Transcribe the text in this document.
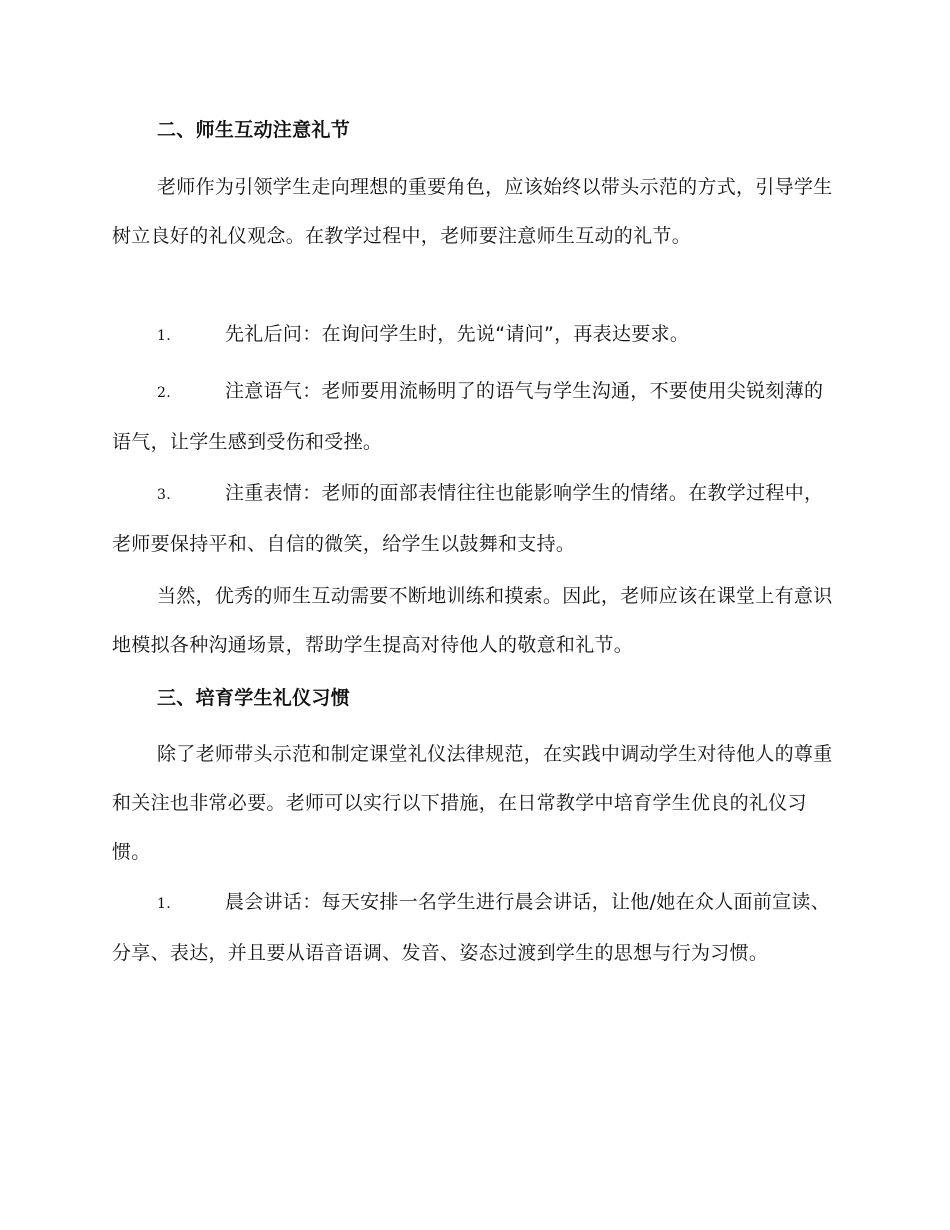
二、师生互动注意礼节

老师作为引领学生走向理想的重要角色，应该始终以带头示范的方式，引导学生树立良好的礼仪观念。在教学过程中，老师要注意师生互动的礼节。

1.	先礼后问：在询问学生时，先说“请问”，再表达要求。

2.	注意语气：老师要用流畅明了的语气与学生沟通，不要使用尖锐刻薄的语气，让学生感到受伤和受挫。

3.	注重表情：老师的面部表情往往也能影响学生的情绪。在教学过程中，老师要保持平和、自信的微笑，给学生以鼓舞和支持。

当然，优秀的师生互动需要不断地训练和摸索。因此，老师应该在课堂上有意识地模拟各种沟通场景，帮助学生提高对待他人的敬意和礼节。

三、培育学生礼仪习惯

除了老师带头示范和制定课堂礼仪法律规范，在实践中调动学生对待他人的尊重和关注也非常必要。老师可以实行以下措施，在日常教学中培育学生优良的礼仪习惯。

1.	晨会讲话：每天安排一名学生进行晨会讲话，让他/她在众人面前宣读、分享、表达，并且要从语音语调、发音、姿态过渡到学生的思想与行为习惯。
